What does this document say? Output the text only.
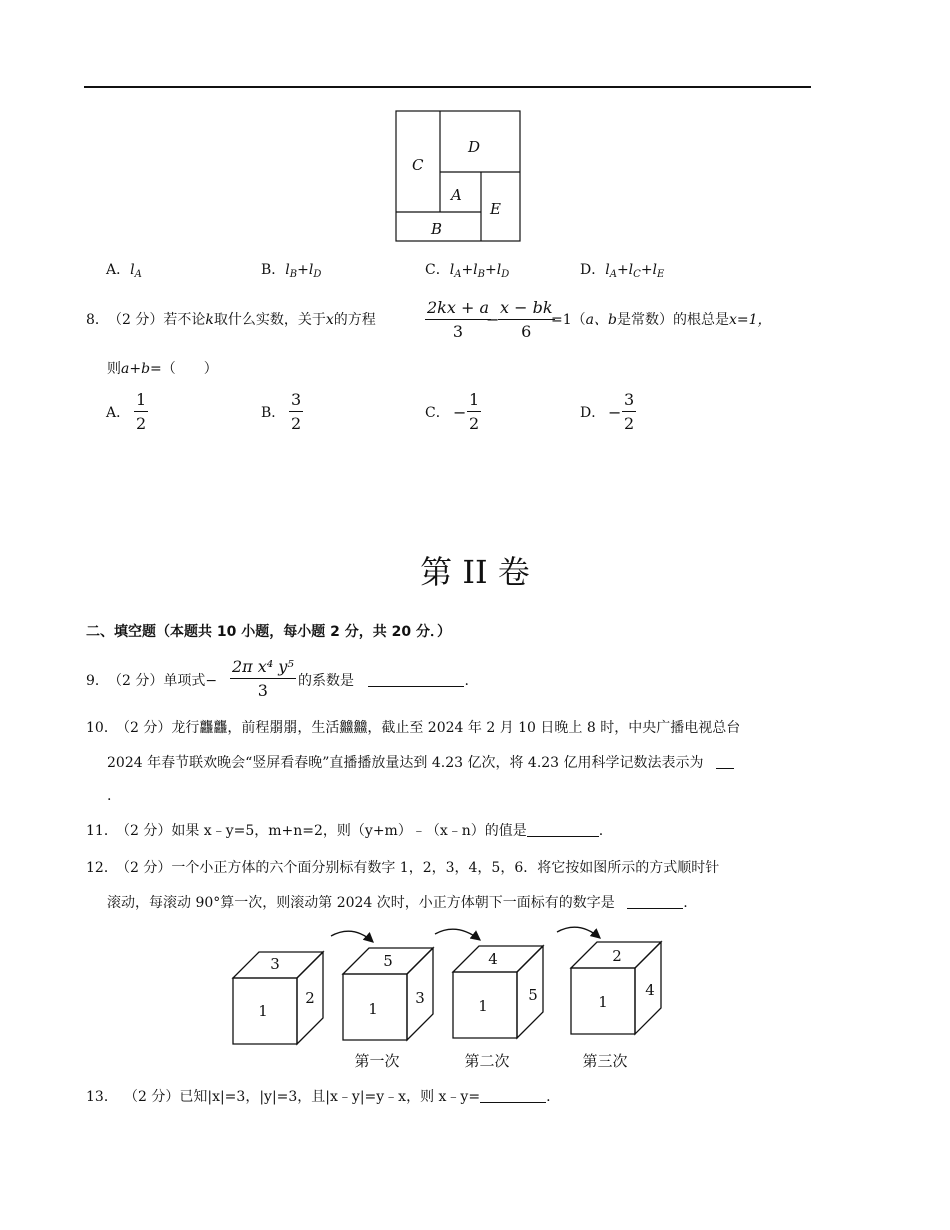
C
D
A
E
B
A．$l_A$	B．$l_B+l_D$	C．$l_A+l_B+l_D$	D．$l_A+l_C+l_E$
8． （2 分）若不论k取什么实数，关于x的方程	$\frac{2kx + a}{3}$
−
$\frac{x - bk}{6}$
=1（a、b是常数）的根总是x=1，
则a+b=（　　）
A． $\frac{1}{2}$	B． $\frac{3}{2}$	C． − $\frac{1}{2}$	D． − $\frac{3}{2}$
第 II 卷
二、填空题（本题共 10 小题，每小题 2 分，共 20 分．）
9． （2 分）单项式− $\frac{\text{2π x⁴ y⁵}}{3}$ 的系数是	.
10．
（2 分）龙行龘龘，前程朤朤，生活䲜䲜，截止至 2024 年 2 月 10 日晚上 8 时，中央广播电视总台
2024 年春节联欢晚会“竖屏看春晚”直播播放量达到 4.23 亿次，将 4.23 亿用科学记数法表示为
.
11．
（2 分）如果 x﹣y=5，m+n=2，则（y+m）﹣（x﹣n）的值是	.
12．
（2 分）一个小正方体的六个面分别标有数字 1，2，3，4，5，6．将它按如图所示的方式顺时针
滚动，每滚动 90°算一次，则滚动第 2024 次时，小正方体朝下一面标有的数字是	.
3
1
2
5
1
3
4
1
5
2
1
4
第一次	第二次	第三次
13． （2 分）已知|x|=3，|y|=3，且|x﹣y|=y﹣x，则 x﹣y=	.
